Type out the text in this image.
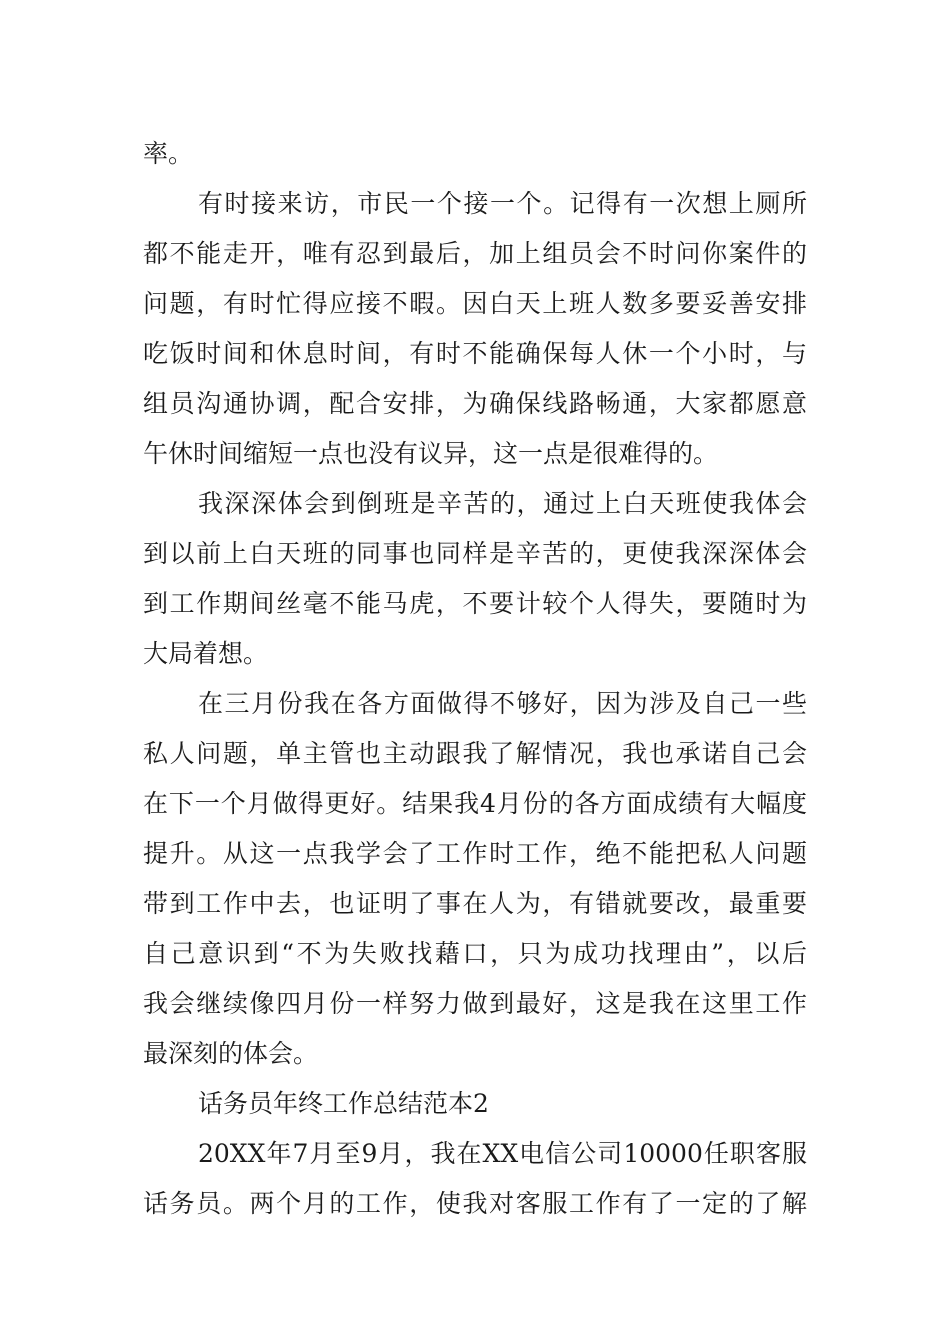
率。
有时接来访，市民一个接一个。记得有一次想上厕所
都不能走开，唯有忍到最后，加上组员会不时问你案件的
问题，有时忙得应接不暇。因白天上班人数多要妥善安排
吃饭时间和休息时间，有时不能确保每人休一个小时，与
组员沟通协调，配合安排，为确保线路畅通，大家都愿意
午休时间缩短一点也没有议异，这一点是很难得的。
我深深体会到倒班是辛苦的，通过上白天班使我体会
到以前上白天班的同事也同样是辛苦的，更使我深深体会
到工作期间丝毫不能马虎，不要计较个人得失，要随时为
大局着想。
在三月份我在各方面做得不够好，因为涉及自己一些
私人问题，单主管也主动跟我了解情况，我也承诺自己会
在下一个月做得更好。结果我4月份的各方面成绩有大幅度
提升。从这一点我学会了工作时工作，绝不能把私人问题
带到工作中去，也证明了事在人为，有错就要改，最重要
自己意识到“不为失败找藉口，只为成功找理由”，以后
我会继续像四月份一样努力做到最好，这是我在这里工作
最深刻的体会。
话务员年终工作总结范本2
20XX年7月至9月，我在XX电信公司10000任职客服
话务员。两个月的工作，使我对客服工作有了一定的了解
